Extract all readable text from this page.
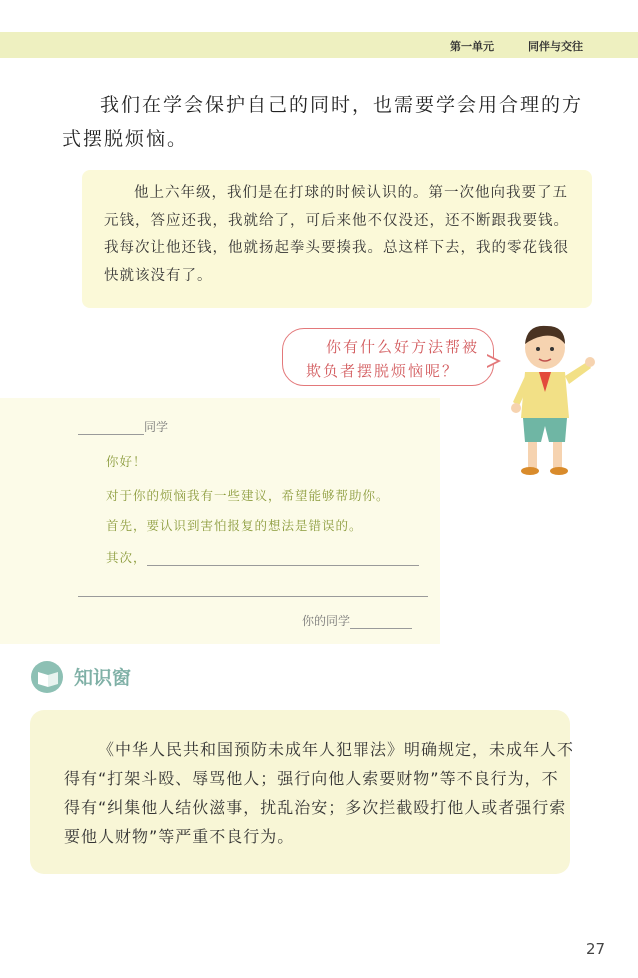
第一单元	同伴与交往
我们在学会保护自己的同时，也需要学会用合理的方式摆脱烦恼。
他上六年级，我们是在打球的时候认识的。第一次他向我要了五元钱，答应还我，我就给了，可后来他不仅没还，还不断跟我要钱。我每次让他还钱，他就扬起拳头要揍我。总这样下去，我的零花钱很快就该没有了。
你有什么好方法帮被
欺负者摆脱烦恼呢？
同学
你好！
对于你的烦恼我有一些建议，希望能够帮助你。
首先，要认识到害怕报复的想法是错误的。
其次，
你的同学
知识窗
《中华人民共和国预防未成年人犯罪法》明确规定，未成年人不得有“打架斗殴、辱骂他人；强行向他人索要财物”等不良行为，不得有“纠集他人结伙滋事，扰乱治安；多次拦截殴打他人或者强行索要他人财物”等严重不良行为。
27
